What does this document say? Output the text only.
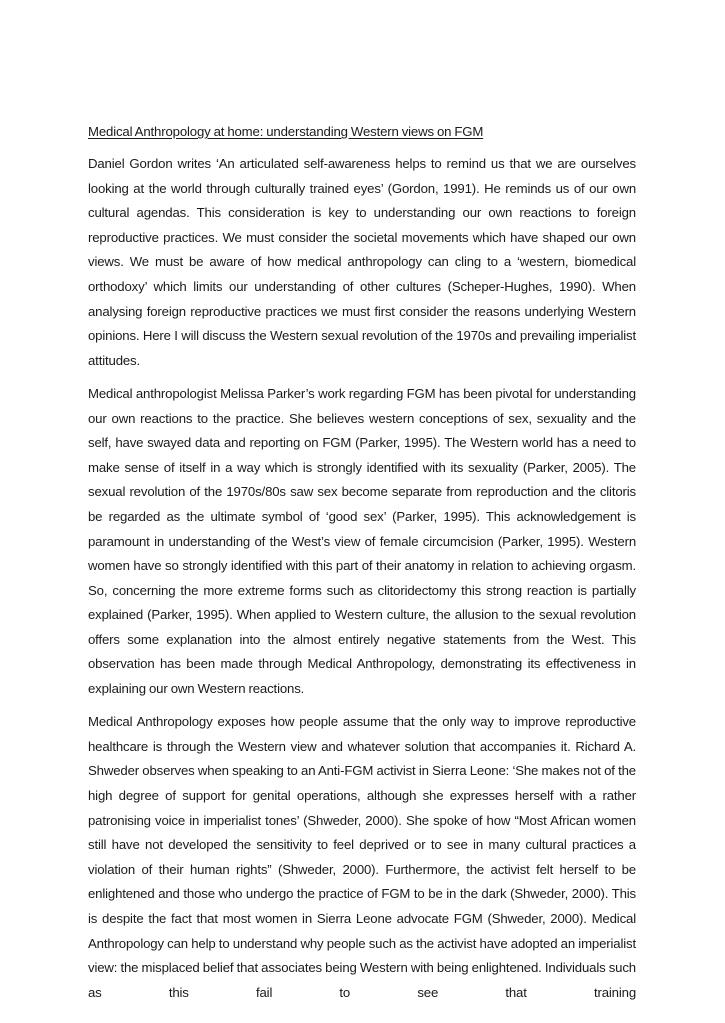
Medical Anthropology at home: understanding Western views on FGM

Daniel Gordon writes ‘An articulated self-awareness helps to remind us that we are ourselves looking at the world through culturally trained eyes’ (Gordon, 1991). He reminds us of our own cultural agendas. This consideration is key to understanding our own reactions to foreign reproductive practices. We must consider the societal movements which have shaped our own views. We must be aware of how medical anthropology can cling to a ‘western, biomedical orthodoxy’ which limits our understanding of other cultures (Scheper-Hughes, 1990). When analysing foreign reproductive practices we must first consider the reasons underlying Western opinions. Here I will discuss the Western sexual revolution of the 1970s and prevailing imperialist attitudes.

Medical anthropologist Melissa Parker’s work regarding FGM has been pivotal for understanding our own reactions to the practice. She believes western conceptions of sex, sexuality and the self, have swayed data and reporting on FGM (Parker, 1995). The Western world has a need to make sense of itself in a way which is strongly identified with its sexuality (Parker, 2005). The sexual revolution of the 1970s/80s saw sex become separate from reproduction and the clitoris be regarded as the ultimate symbol of ‘good sex’ (Parker, 1995). This acknowledgement is paramount in understanding of the West’s view of female circumcision (Parker, 1995). Western women have so strongly identified with this part of their anatomy in relation to achieving orgasm. So, concerning the more extreme forms such as clitoridectomy this strong reaction is partially explained (Parker, 1995). When applied to Western culture, the allusion to the sexual revolution offers some explanation into the almost entirely negative statements from the West. This observation has been made through Medical Anthropology, demonstrating its effectiveness in explaining our own Western reactions.

Medical Anthropology exposes how people assume that the only way to improve reproductive healthcare is through the Western view and whatever solution that accompanies it. Richard A. Shweder observes when speaking to an Anti-FGM activist in Sierra Leone: ‘She makes not of the high degree of support for genital operations, although she expresses herself with a rather patronising voice in imperialist tones’ (Shweder, 2000). She spoke of how “Most African women still have not developed the sensitivity to feel deprived or to see in many cultural practices a violation of their human rights” (Shweder, 2000). Furthermore, the activist felt herself to be enlightened and those who undergo the practice of FGM to be in the dark (Shweder, 2000). This is despite the fact that most women in Sierra Leone advocate FGM (Shweder, 2000). Medical Anthropology can help to understand why people such as the activist have adopted an imperialist view: the misplaced belief that associates being Western with being enlightened. Individuals such as this fail to see that training
